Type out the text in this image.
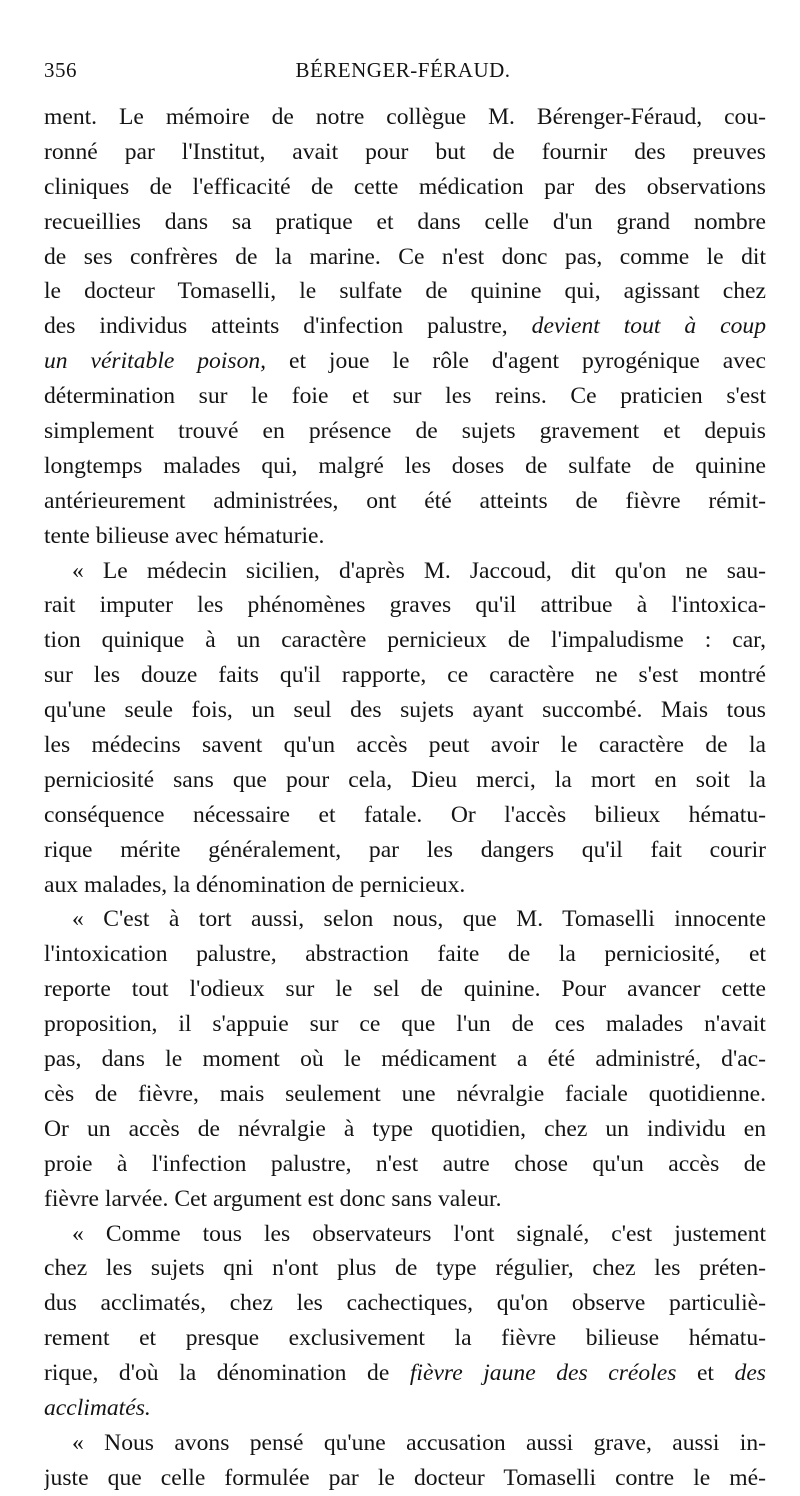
356	BÉRENGER-FÉRAUD.
ment. Le mémoire de notre collègue M. Bérenger-Féraud, cou-
ronné par l'Institut, avait pour but de fournir des preuves
cliniques de l'efficacité de cette médication par des observations
recueillies dans sa pratique et dans celle d'un grand nombre
de ses confrères de la marine. Ce n'est donc pas, comme le dit
le docteur Tomaselli, le sulfate de quinine qui, agissant chez
des individus atteints d'infection palustre, devient tout à coup
un véritable poison, et joue le rôle d'agent pyrogénique avec
détermination sur le foie et sur les reins. Ce praticien s'est
simplement trouvé en présence de sujets gravement et depuis
longtemps malades qui, malgré les doses de sulfate de quinine
antérieurement administrées, ont été atteints de fièvre rémit-
tente bilieuse avec hématurie.
« Le médecin sicilien, d'après M. Jaccoud, dit qu'on ne sau-
rait imputer les phénomènes graves qu'il attribue à l'intoxica-
tion quinique à un caractère pernicieux de l'impaludisme : car,
sur les douze faits qu'il rapporte, ce caractère ne s'est montré
qu'une seule fois, un seul des sujets ayant succombé. Mais tous
les médecins savent qu'un accès peut avoir le caractère de la
perniciosité sans que pour cela, Dieu merci, la mort en soit la
conséquence nécessaire et fatale. Or l'accès bilieux hématu-
rique mérite généralement, par les dangers qu'il fait courir
aux malades, la dénomination de pernicieux.
« C'est à tort aussi, selon nous, que M. Tomaselli innocente
l'intoxication palustre, abstraction faite de la perniciosité, et
reporte tout l'odieux sur le sel de quinine. Pour avancer cette
proposition, il s'appuie sur ce que l'un de ces malades n'avait
pas, dans le moment où le médicament a été administré, d'ac-
cès de fièvre, mais seulement une névralgie faciale quotidienne.
Or un accès de névralgie à type quotidien, chez un individu en
proie à l'infection palustre, n'est autre chose qu'un accès de
fièvre larvée. Cet argument est donc sans valeur.
« Comme tous les observateurs l'ont signalé, c'est justement
chez les sujets qni n'ont plus de type régulier, chez les préten-
dus acclimatés, chez les cachectiques, qu'on observe particuliè-
rement et presque exclusivement la fièvre bilieuse hématu-
rique, d'où la dénomination de fièvre jaune des créoles et des
acclimatés.
« Nous avons pensé qu'une accusation aussi grave, aussi in-
juste que celle formulée par le docteur Tomaselli contre le mé-
